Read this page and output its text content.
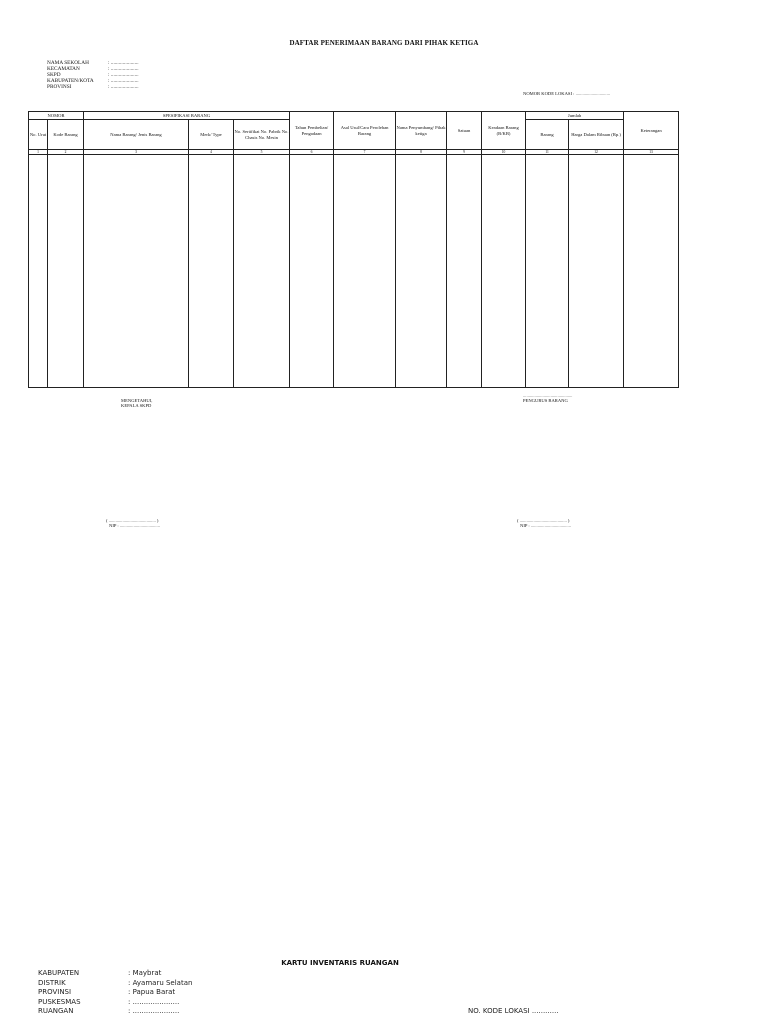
DAFTAR PENERIMAAN BARANG DARI PIHAK KETIGA
NAMA SEKOLAH	: .....................
KECAMATAN	: .....................
SKPD	: .....................
KABUPATEN/KOTA	: .....................
PROVINSI	: .....................
NOMOR KODE LOKASI : ..............................
NOMOR		SPESIFIKASI BARANG			Tahun Pembelian/ Pengadaan	Asal Usul/Cara Perolehan Barang	Nama Penyumbang/ Pihak ketiga	Satuan	Keadaan Barang (B/KB)	Jumlah		Keterangan
No. Urut	Kode Barang	Nama Barang/ Jenis Barang	Merk/ Type	No. Sertifikat No. Pabrik No. Chasis No. Mesin						Barang	Harga Dalam Ribuan (Rp.)	
1	2	3	4	5	6	7	8	9	10	11	12	13

MENGETAHUI,
KEPALA SKPD
...........................................
PENGURUS BARANG
( ......................................... )
NIP : ...................................
( ......................................... )
NIP : ...................................
KARTU INVENTARIS RUANGAN
KABUPATEN	: Maybrat
DISTRIK	: Ayamaru Selatan
PROVINSI	: Papua Barat
PUSKESMAS	: .....................
RUANGAN	: .....................	NO. KODE LOKASI ............
